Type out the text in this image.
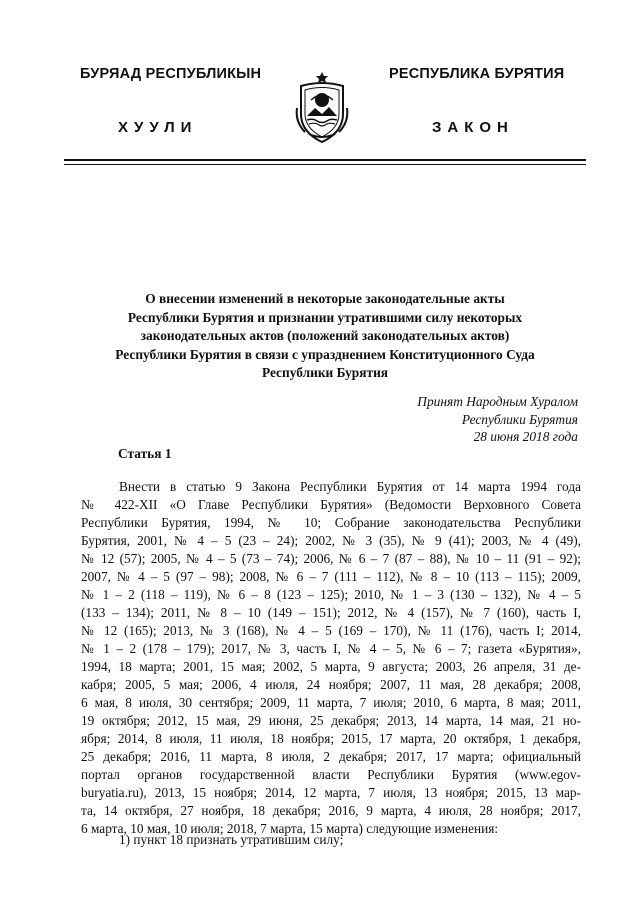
БУРЯАД РЕСПУБЛИКЫН	РЕСПУБЛИКА БУРЯТИЯ
ХУУЛИ	ЗАКОН
О внесении изменений в некоторые законодательные акты
Республики Бурятия и признании утратившими силу некоторых
законодательных актов (положений законодательных актов)
Республики Бурятия в связи с упразднением Конституционного Суда
Республики Бурятия
Принят Народным Хуралом
Республики Бурятия
28 июня 2018 года
Статья 1
Внести в статью 9 Закона Республики Бурятия от 14 марта 1994 года
№ 422-XII «О Главе Республики Бурятия» (Ведомости Верховного Совета
Республики Бурятия, 1994, № 10; Собрание законодательства Республики
Бурятия, 2001, № 4 – 5 (23 – 24); 2002, № 3 (35), № 9 (41); 2003, № 4 (49),
№ 12 (57); 2005, № 4 – 5 (73 – 74); 2006, № 6 – 7 (87 – 88), № 10 – 11 (91 – 92);
2007, № 4 – 5 (97 – 98); 2008, № 6 – 7 (111 – 112), № 8 – 10 (113 – 115); 2009,
№ 1 – 2 (118 – 119), № 6 – 8 (123 – 125); 2010, № 1 – 3 (130 – 132), № 4 – 5
(133 – 134); 2011, № 8 – 10 (149 – 151); 2012, № 4 (157), № 7 (160), часть I,
№ 12 (165); 2013, № 3 (168), № 4 – 5 (169 – 170), № 11 (176), часть I; 2014,
№ 1 – 2 (178 – 179); 2017, № 3, часть I, № 4 – 5, № 6 – 7; газета «Бурятия»,
1994, 18 марта; 2001, 15 мая; 2002, 5 марта, 9 августа; 2003, 26 апреля, 31 де-
кабря; 2005, 5 мая; 2006, 4 июля, 24 ноября; 2007, 11 мая, 28 декабря; 2008,
6 мая, 8 июля, 30 сентября; 2009, 11 марта, 7 июля; 2010, 6 марта, 8 мая; 2011,
19 октября; 2012, 15 мая, 29 июня, 25 декабря; 2013, 14 марта, 14 мая, 21 но-
ября; 2014, 8 июля, 11 июля, 18 ноября; 2015, 17 марта, 20 октября, 1 декабря,
25 декабря; 2016, 11 марта, 8 июля, 2 декабря; 2017, 17 марта; официальный
портал органов государственной власти Республики Бурятия (www.egov-
buryatia.ru), 2013, 15 ноября; 2014, 12 марта, 7 июля, 13 ноября; 2015, 13 мар-
та, 14 октября, 27 ноября, 18 декабря; 2016, 9 марта, 4 июля, 28 ноября; 2017,
6 марта, 10 мая, 10 июля; 2018, 7 марта, 15 марта) следующие изменения:
1) пункт 18 признать утратившим силу;
